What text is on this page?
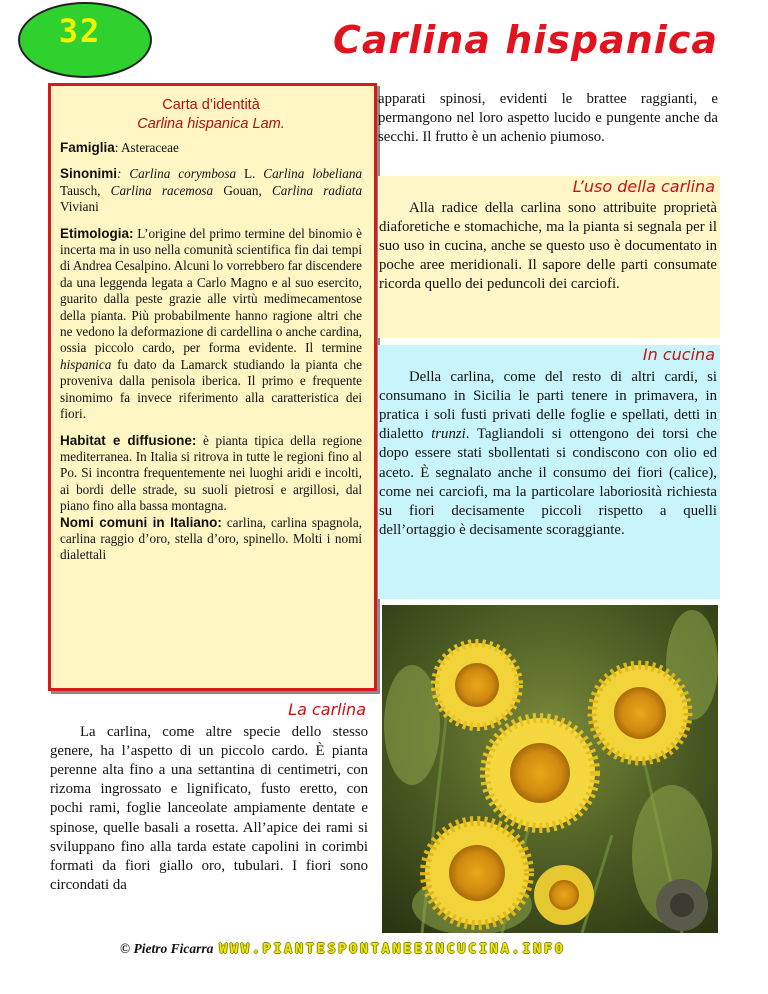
32	Carlina hispanica
Carta d’identità
Carlina hispanica Lam.

Famiglia: Asteraceae

Sinonimi: Carlina corymbosa L. Carlina lobeliana Tausch, Carlina racemosa Gouan, Carlina radiata Viviani

Etimologia: L’origine del primo termine del binomio è incerta ma in uso nella comunità scientifica fin dai tempi di Andrea Cesalpino. Alcuni lo vorrebbero far discendere da una leggenda legata a Carlo Magno e al suo esercito, guarito dalla peste grazie alle virtù medimecamentose della pianta. Più probabilmente hanno ragione altri che ne vedono la deformazione di cardellina o anche cardina, ossia piccolo cardo, per forma evidente. Il termine hispanica fu dato da Lamarck studiando la pianta che proveniva dalla penisola iberica. Il primo e frequente sinomimo fa invece riferimento alla caratteristica dei fiori.

Habitat e diffusione: è pianta tipica della regione mediterranea. In Italia si ritrova in tutte le regioni fino al Po. Si incontra frequentemente nei luoghi aridi e incolti, ai bordi delle strade, su suoli pietrosi e argillosi, dal piano fino alla bassa montagna.

Nomi comuni in Italiano: carlina, carlina spagnola, carlina raggio d’oro, stella d’oro, spinello. Molti i nomi dialettali

La carlina

La carlina, come altre specie dello stesso genere, ha l’aspetto di un piccolo cardo. È pianta perenne alta fino a una settantina di centimetri, con rizoma ingrossato e lignificato, fusto eretto, con pochi rami, foglie lanceolate ampiamente dentate e spinose, quelle basali a rosetta. All’apice dei rami si sviluppano fino alla tarda estate capolini in corimbi formati da fiori giallo oro, tubulari. I fiori sono circondati da

apparati spinosi, evidenti le brattee raggianti, e permangono nel loro aspetto lucido e pungente anche da secchi. Il frutto è un achenio piumoso.

L’uso della carlina

Alla radice della carlina sono attribuite proprietà diaforetiche e stomachiche, ma la pianta si segnala per il suo uso in cucina, anche se questo uso è documentato in poche aree meridionali. Il sapore delle parti consumate ricorda quello dei peduncoli dei carciofi.

In cucina

Della carlina, come del resto di altri cardi, si consumano in Sicilia le parti tenere in primavera, in pratica i soli fusti privati delle foglie e spellati, detti in dialetto trunzi. Tagliandoli si ottengono dei torsi che dopo essere stati sbollentati si condiscono con olio ed aceto. È segnalato anche il consumo dei fiori (calice), come nei carciofi, ma la particolare laboriosità richiesta su fiori decisamente piccoli rispetto a quelli dell’ortaggio è decisamente scoraggiante.

© Pietro Ficarra WWW.PIANTESPONTANEEINCUCINA.INFO
